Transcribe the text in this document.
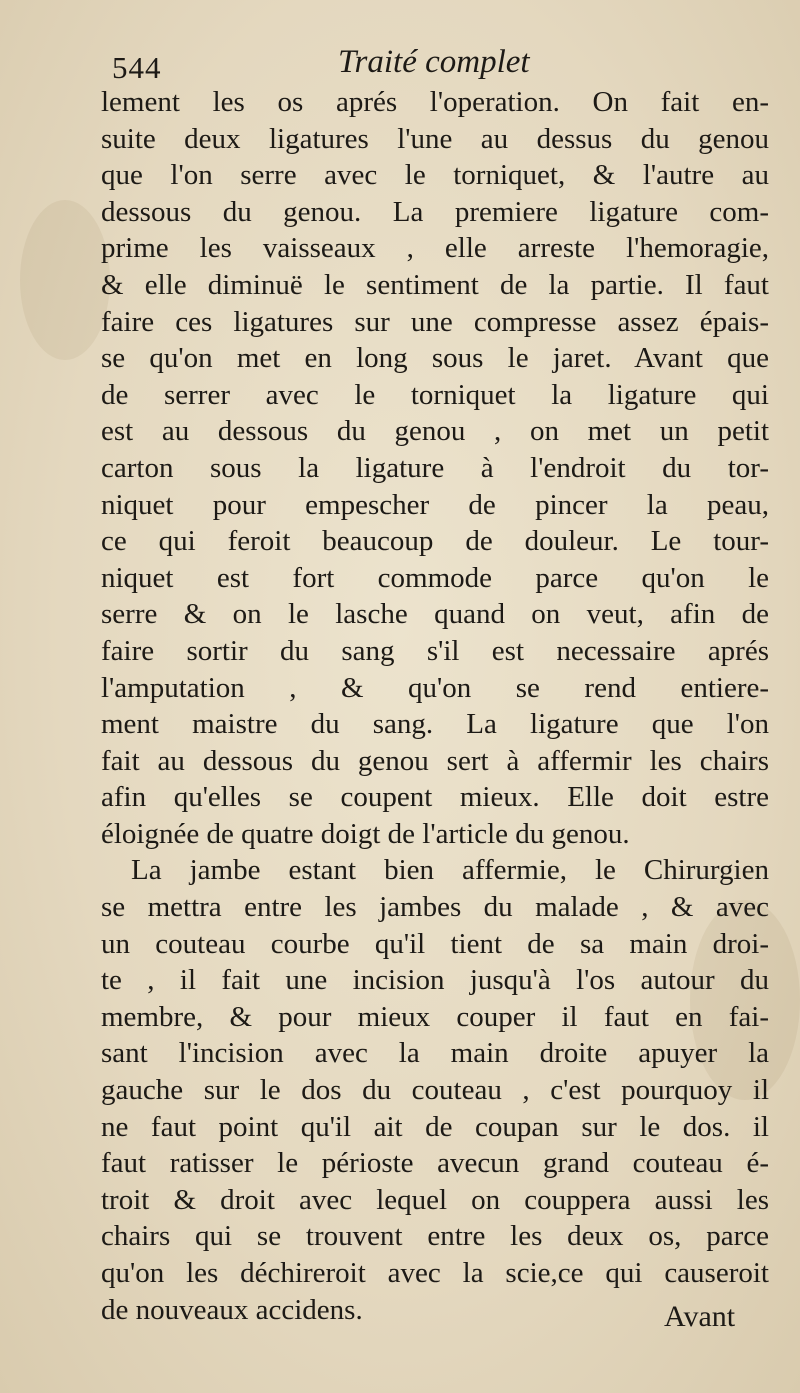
544	Traité complet
lement les os aprés l'operation. On fait en-
suite deux ligatures l'une au dessus du genou
que l'on serre avec le torniquet, & l'autre au
dessous du genou. La premiere ligature com-
prime les vaisseaux , elle arreste l'hemoragie,
& elle diminuë le sentiment de la partie. Il faut
faire ces ligatures sur une compresse assez épais-
se qu'on met en long sous le jaret. Avant que
de serrer avec le torniquet la ligature qui
est au dessous du genou , on met un petit
carton sous la ligature à l'endroit du tor-
niquet pour empescher de pincer la peau,
ce qui feroit beaucoup de douleur. Le tour-
niquet est fort commode parce qu'on le
serre & on le lasche quand on veut, afin de
faire sortir du sang s'il est necessaire aprés
l'amputation , & qu'on se rend entiere-
ment maistre du sang. La ligature que l'on
fait au dessous du genou sert à affermir les chairs
afin qu'elles se coupent mieux. Elle doit estre
éloignée de quatre doigt de l'article du genou.
La jambe estant bien affermie, le Chirurgien
se mettra entre les jambes du malade , & avec
un couteau courbe qu'il tient de sa main droi-
te , il fait une incision jusqu'à l'os autour du
membre, & pour mieux couper il faut en fai-
sant l'incision avec la main droite apuyer la
gauche sur le dos du couteau , c'est pourquoy il
ne faut point qu'il ait de coupan sur le dos. il
faut ratisser le périoste avecun grand couteau é-
troit & droit avec lequel on couppera aussi les
chairs qui se trouvent entre les deux os, parce
qu'on les déchireroit avec la scie,ce qui causeroit
de nouveaux accidens.	Avant
